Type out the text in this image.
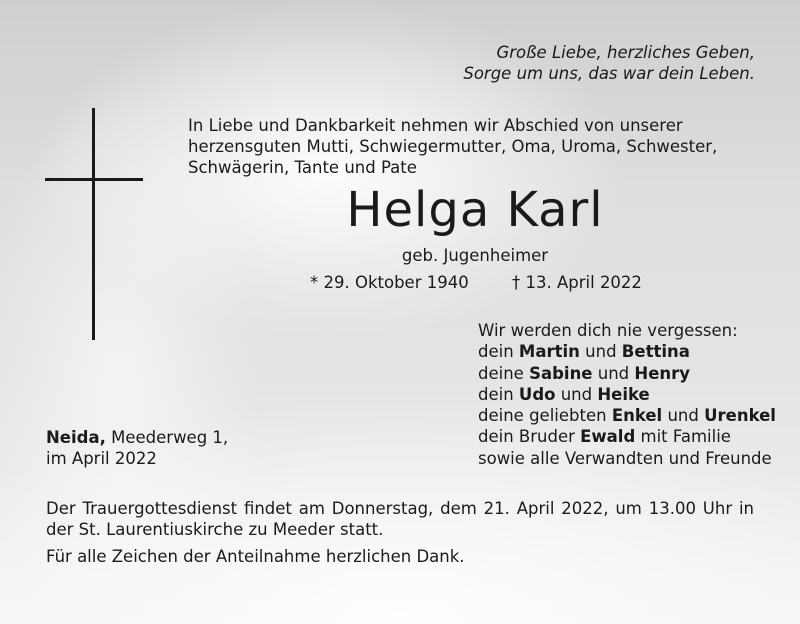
Große Liebe, herzliches Geben,
Sorge um uns, das war dein Leben.
In Liebe und Dankbarkeit nehmen wir Abschied von unserer herzensguten Mutti, Schwiegermutter, Oma, Uroma, Schwester, Schwägerin, Tante und Pate
Helga Karl
geb. Jugenheimer
* 29. Oktober 1940	† 13. April 2022
Wir werden dich nie vergessen:
dein Martin und Bettina
deine Sabine und Henry
dein Udo und Heike
deine geliebten Enkel und Urenkel
dein Bruder Ewald mit Familie
sowie alle Verwandten und Freunde
Neida, Meederweg 1,
im April 2022
Der Trauergottesdienst findet am Donnerstag, dem 21. April 2022, um 13.00 Uhr in der St. Laurentiuskirche zu Meeder statt.
Für alle Zeichen der Anteilnahme herzlichen Dank.
